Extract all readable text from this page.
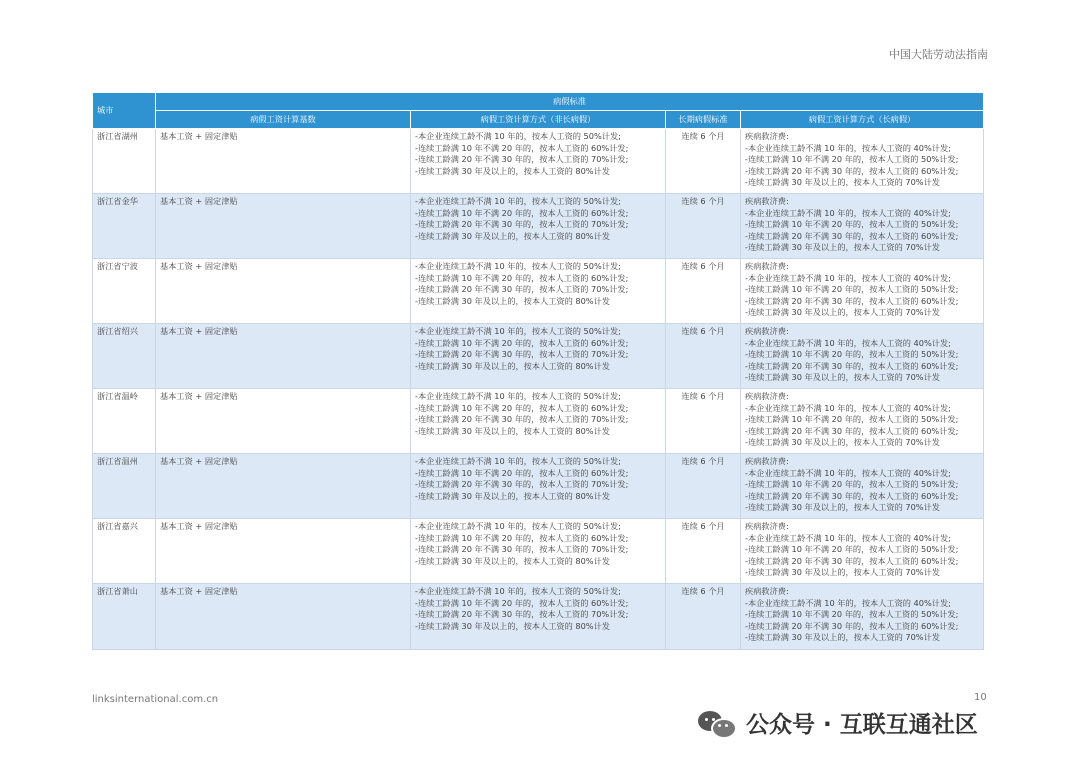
中国大陆劳动法指南
城市	病假标准			
	病假工资计算基数	病假工资计算方式（非长病假）	长期病假标准	病假工资计算方式（长病假）
浙江省湖州	基本工资 + 固定津贴	-本企业连续工龄不满 10 年的，按本人工资的 50%计发;
-连续工龄满 10 年不满 20 年的，按本人工资的 60%计发;
-连续工龄满 20 年不满 30 年的，按本人工资的 70%计发;
-连续工龄满 30 年及以上的，按本人工资的 80%计发	连续 6 个月	疾病救济费:
-本企业连续工龄不满 10 年的，按本人工资的 40%计发;
-连续工龄满 10 年不满 20 年的，按本人工资的 50%计发;
-连续工龄满 20 年不满 30 年的，按本人工资的 60%计发;
-连续工龄满 30 年及以上的，按本人工资的 70%计发
浙江省金华	基本工资 + 固定津贴	-本企业连续工龄不满 10 年的，按本人工资的 50%计发;
-连续工龄满 10 年不满 20 年的，按本人工资的 60%计发;
-连续工龄满 20 年不满 30 年的，按本人工资的 70%计发;
-连续工龄满 30 年及以上的，按本人工资的 80%计发	连续 6 个月	疾病救济费:
-本企业连续工龄不满 10 年的，按本人工资的 40%计发;
-连续工龄满 10 年不满 20 年的，按本人工资的 50%计发;
-连续工龄满 20 年不满 30 年的，按本人工资的 60%计发;
-连续工龄满 30 年及以上的，按本人工资的 70%计发
浙江省宁波	基本工资 + 固定津贴	-本企业连续工龄不满 10 年的，按本人工资的 50%计发;
-连续工龄满 10 年不满 20 年的，按本人工资的 60%计发;
-连续工龄满 20 年不满 30 年的，按本人工资的 70%计发;
-连续工龄满 30 年及以上的，按本人工资的 80%计发	连续 6 个月	疾病救济费:
-本企业连续工龄不满 10 年的，按本人工资的 40%计发;
-连续工龄满 10 年不满 20 年的，按本人工资的 50%计发;
-连续工龄满 20 年不满 30 年的，按本人工资的 60%计发;
-连续工龄满 30 年及以上的，按本人工资的 70%计发
浙江省绍兴	基本工资 + 固定津贴	-本企业连续工龄不满 10 年的，按本人工资的 50%计发;
-连续工龄满 10 年不满 20 年的，按本人工资的 60%计发;
-连续工龄满 20 年不满 30 年的，按本人工资的 70%计发;
-连续工龄满 30 年及以上的，按本人工资的 80%计发	连续 6 个月	疾病救济费:
-本企业连续工龄不满 10 年的，按本人工资的 40%计发;
-连续工龄满 10 年不满 20 年的，按本人工资的 50%计发;
-连续工龄满 20 年不满 30 年的，按本人工资的 60%计发;
-连续工龄满 30 年及以上的，按本人工资的 70%计发
浙江省温岭	基本工资 + 固定津贴	-本企业连续工龄不满 10 年的，按本人工资的 50%计发;
-连续工龄满 10 年不满 20 年的，按本人工资的 60%计发;
-连续工龄满 20 年不满 30 年的，按本人工资的 70%计发;
-连续工龄满 30 年及以上的，按本人工资的 80%计发	连续 6 个月	疾病救济费:
-本企业连续工龄不满 10 年的，按本人工资的 40%计发;
-连续工龄满 10 年不满 20 年的，按本人工资的 50%计发;
-连续工龄满 20 年不满 30 年的，按本人工资的 60%计发;
-连续工龄满 30 年及以上的，按本人工资的 70%计发
浙江省温州	基本工资 + 固定津贴	-本企业连续工龄不满 10 年的，按本人工资的 50%计发;
-连续工龄满 10 年不满 20 年的，按本人工资的 60%计发;
-连续工龄满 20 年不满 30 年的，按本人工资的 70%计发;
-连续工龄满 30 年及以上的，按本人工资的 80%计发	连续 6 个月	疾病救济费:
-本企业连续工龄不满 10 年的，按本人工资的 40%计发;
-连续工龄满 10 年不满 20 年的，按本人工资的 50%计发;
-连续工龄满 20 年不满 30 年的，按本人工资的 60%计发;
-连续工龄满 30 年及以上的，按本人工资的 70%计发
浙江省嘉兴	基本工资 + 固定津贴	-本企业连续工龄不满 10 年的，按本人工资的 50%计发;
-连续工龄满 10 年不满 20 年的，按本人工资的 60%计发;
-连续工龄满 20 年不满 30 年的，按本人工资的 70%计发;
-连续工龄满 30 年及以上的，按本人工资的 80%计发	连续 6 个月	疾病救济费:
-本企业连续工龄不满 10 年的，按本人工资的 40%计发;
-连续工龄满 10 年不满 20 年的，按本人工资的 50%计发;
-连续工龄满 20 年不满 30 年的，按本人工资的 60%计发;
-连续工龄满 30 年及以上的，按本人工资的 70%计发
浙江省萧山	基本工资 + 固定津贴	-本企业连续工龄不满 10 年的，按本人工资的 50%计发;
-连续工龄满 10 年不满 20 年的，按本人工资的 60%计发;
-连续工龄满 20 年不满 30 年的，按本人工资的 70%计发;
-连续工龄满 30 年及以上的，按本人工资的 80%计发	连续 6 个月	疾病救济费:
-本企业连续工龄不满 10 年的，按本人工资的 40%计发;
-连续工龄满 10 年不满 20 年的，按本人工资的 50%计发;
-连续工龄满 20 年不满 30 年的，按本人工资的 60%计发;
-连续工龄满 30 年及以上的，按本人工资的 70%计发
linksinternational.com.cn	10
公众号 · 互联互通社区
